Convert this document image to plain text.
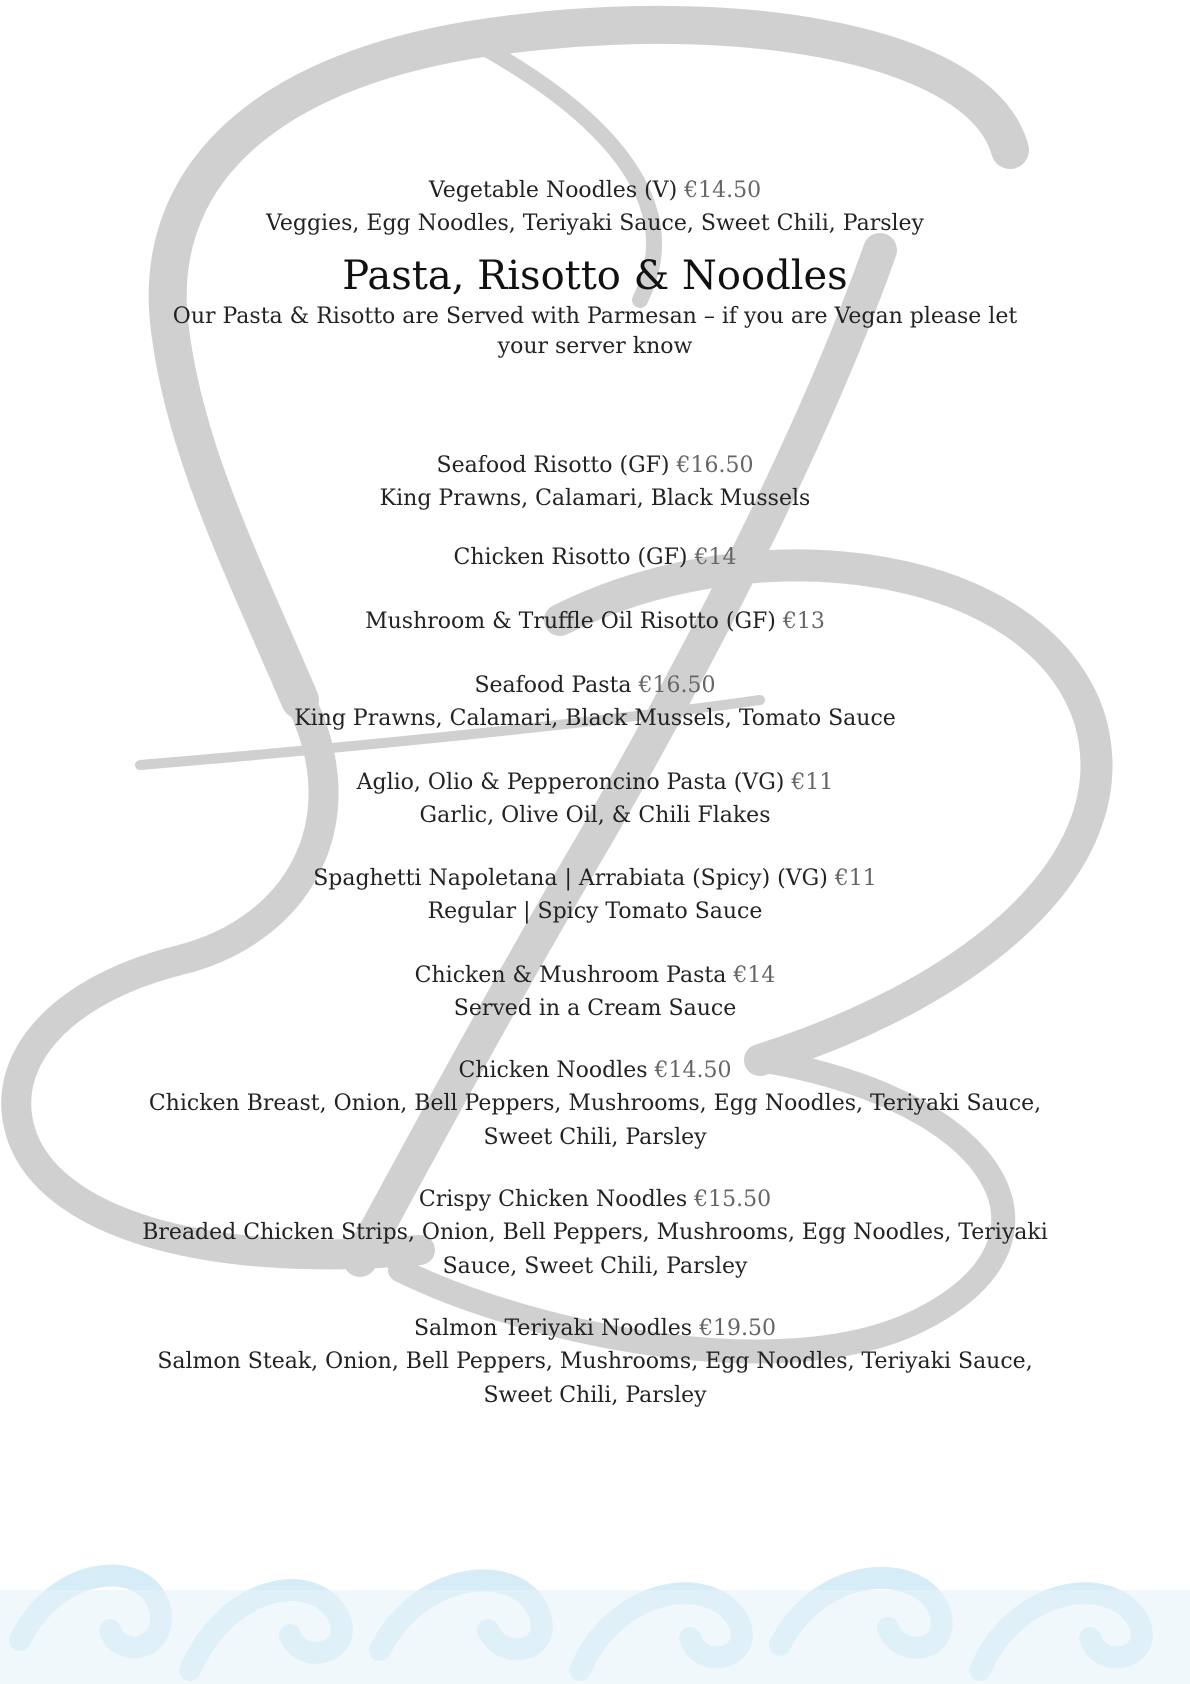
Vegetable Noodles (V) €14.50
Veggies, Egg Noodles, Teriyaki Sauce, Sweet Chili, Parsley
Pasta, Risotto & Noodles
Our Pasta & Risotto are Served with Parmesan – if you are Vegan please let
your server know
Seafood Risotto (GF) €16.50
King Prawns, Calamari, Black Mussels
Chicken Risotto (GF) €14
Mushroom & Truffle Oil Risotto (GF) €13
Seafood Pasta €16.50
King Prawns, Calamari, Black Mussels, Tomato Sauce
Aglio, Olio & Pepperoncino Pasta (VG) €11
Garlic, Olive Oil, & Chili Flakes
Spaghetti Napoletana | Arrabiata (Spicy) (VG) €11
Regular | Spicy Tomato Sauce
Chicken & Mushroom Pasta €14
Served in a Cream Sauce
Chicken Noodles €14.50
Chicken Breast, Onion, Bell Peppers, Mushrooms, Egg Noodles, Teriyaki Sauce,
Sweet Chili, Parsley
Crispy Chicken Noodles €15.50
Breaded Chicken Strips, Onion, Bell Peppers, Mushrooms, Egg Noodles, Teriyaki
Sauce, Sweet Chili, Parsley
Salmon Teriyaki Noodles €19.50
Salmon Steak, Onion, Bell Peppers, Mushrooms, Egg Noodles, Teriyaki Sauce,
Sweet Chili, Parsley
